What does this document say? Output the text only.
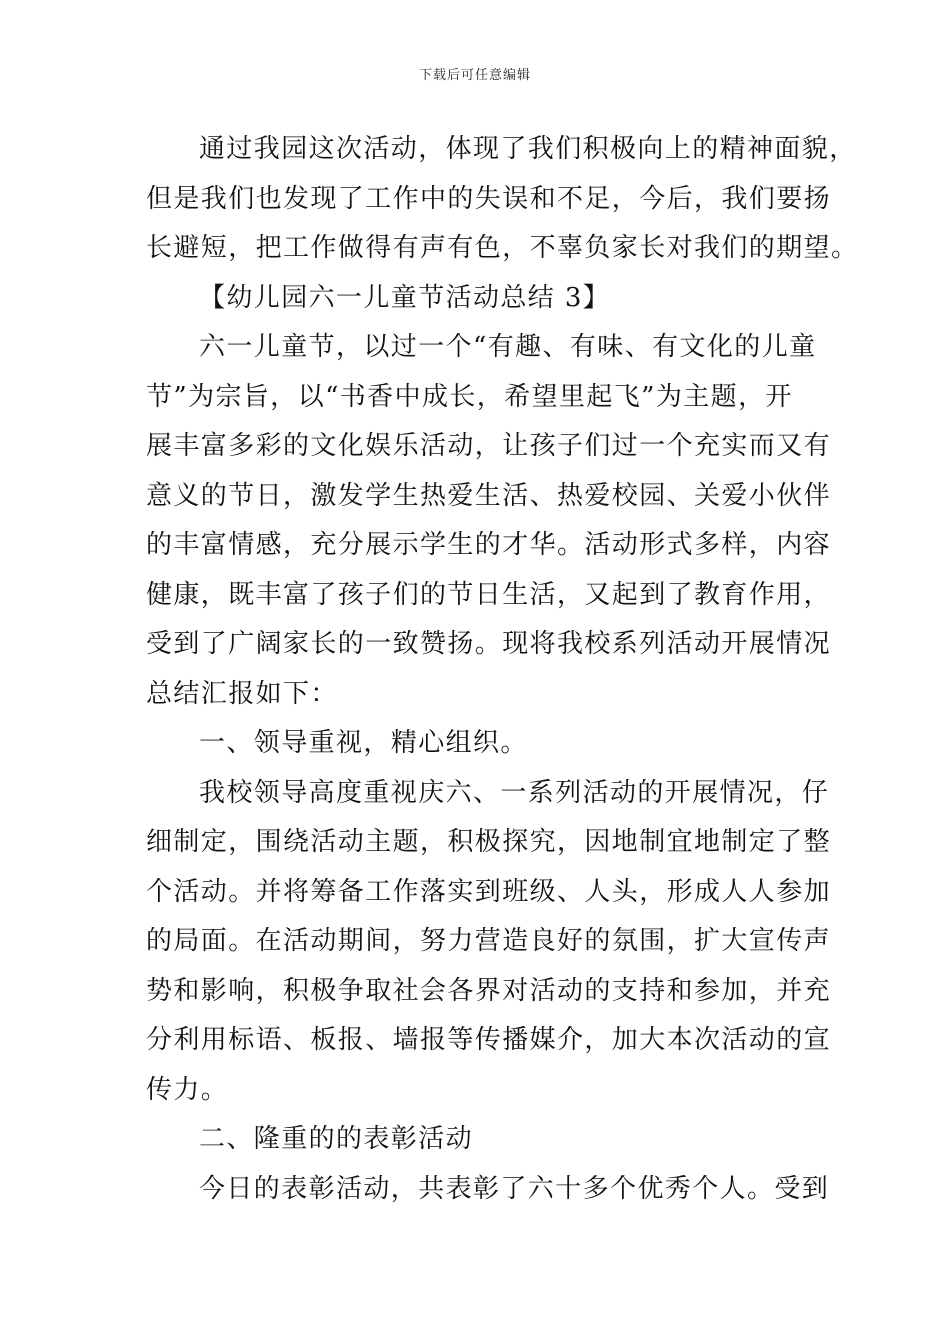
下载后可任意编辑
通过我园这次活动，体现了我们积极向上的精神面貌，
但是我们也发现了工作中的失误和不足，今后，我们要扬
长避短，把工作做得有声有色，不辜负家长对我们的期望。
【幼儿园六一儿童节活动总结 3】
六一儿童节，以过一个“有趣、有味、有文化的儿童
节”为宗旨，以“书香中成长，希望里起飞”为主题，开
展丰富多彩的文化娱乐活动，让孩子们过一个充实而又有
意义的节日，激发学生热爱生活、热爱校园、关爱小伙伴
的丰富情感，充分展示学生的才华。活动形式多样，内容
健康，既丰富了孩子们的节日生活，又起到了教育作用，
受到了广阔家长的一致赞扬。现将我校系列活动开展情况
总结汇报如下：
一、领导重视，精心组织。
我校领导高度重视庆六、一系列活动的开展情况，仔
细制定，围绕活动主题，积极探究，因地制宜地制定了整
个活动。并将筹备工作落实到班级、人头，形成人人参加
的局面。在活动期间，努力营造良好的氛围，扩大宣传声
势和影响，积极争取社会各界对活动的支持和参加，并充
分利用标语、板报、墙报等传播媒介，加大本次活动的宣
传力。
二、隆重的的表彰活动
今日的表彰活动，共表彰了六十多个优秀个人。受到
